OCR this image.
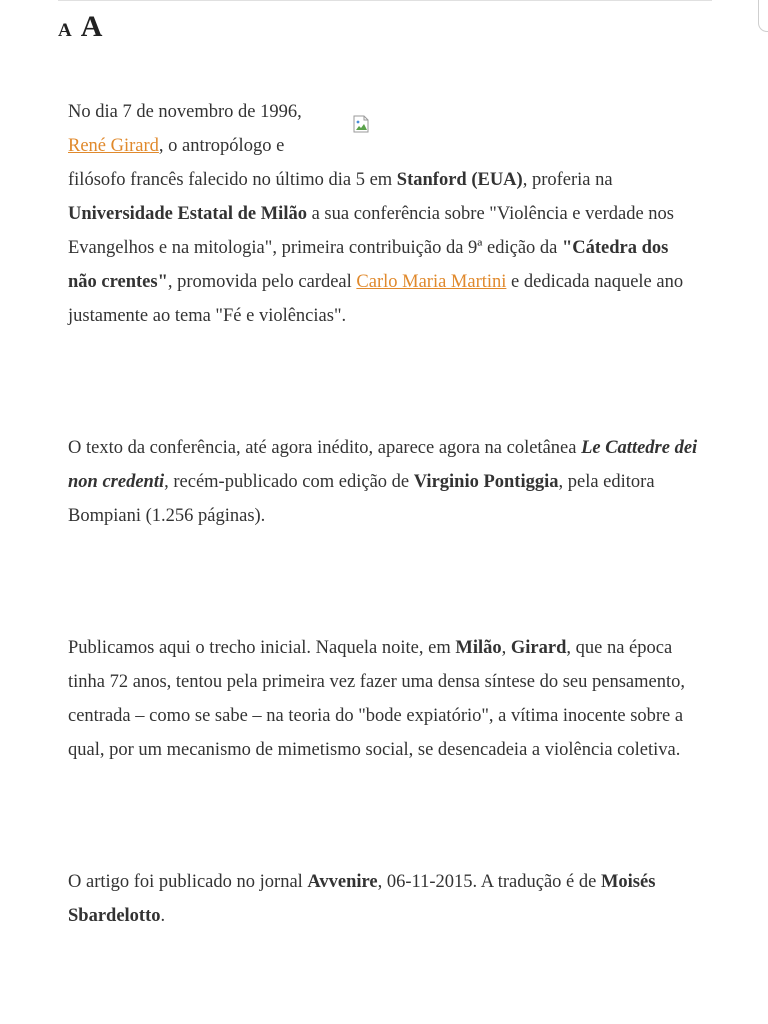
A A

No dia 7 de novembro de 1996, René Girard, o antropólogo e filósofo francês falecido no último dia 5 em Stanford (EUA), proferia na Universidade Estatal de Milão a sua conferência sobre "Violência e verdade nos Evangelhos e na mitologia", primeira contribuição da 9ª edição da "Cátedra dos não crentes", promovida pelo cardeal Carlo Maria Martini e dedicada naquele ano justamente ao tema "Fé e violências".

O texto da conferência, até agora inédito, aparece agora na coletânea Le Cattedre dei non credenti, recém-publicado com edição de Virginio Pontiggia, pela editora Bompiani (1.256 páginas).

Publicamos aqui o trecho inicial. Naquela noite, em Milão, Girard, que na época tinha 72 anos, tentou pela primeira vez fazer uma densa síntese do seu pensamento, centrada – como se sabe – na teoria do "bode expiatório", a vítima inocente sobre a qual, por um mecanismo de mimetismo social, se desencadeia a violência coletiva.

O artigo foi publicado no jornal Avvenire, 06-11-2015. A tradução é de Moisés Sbardelotto.
